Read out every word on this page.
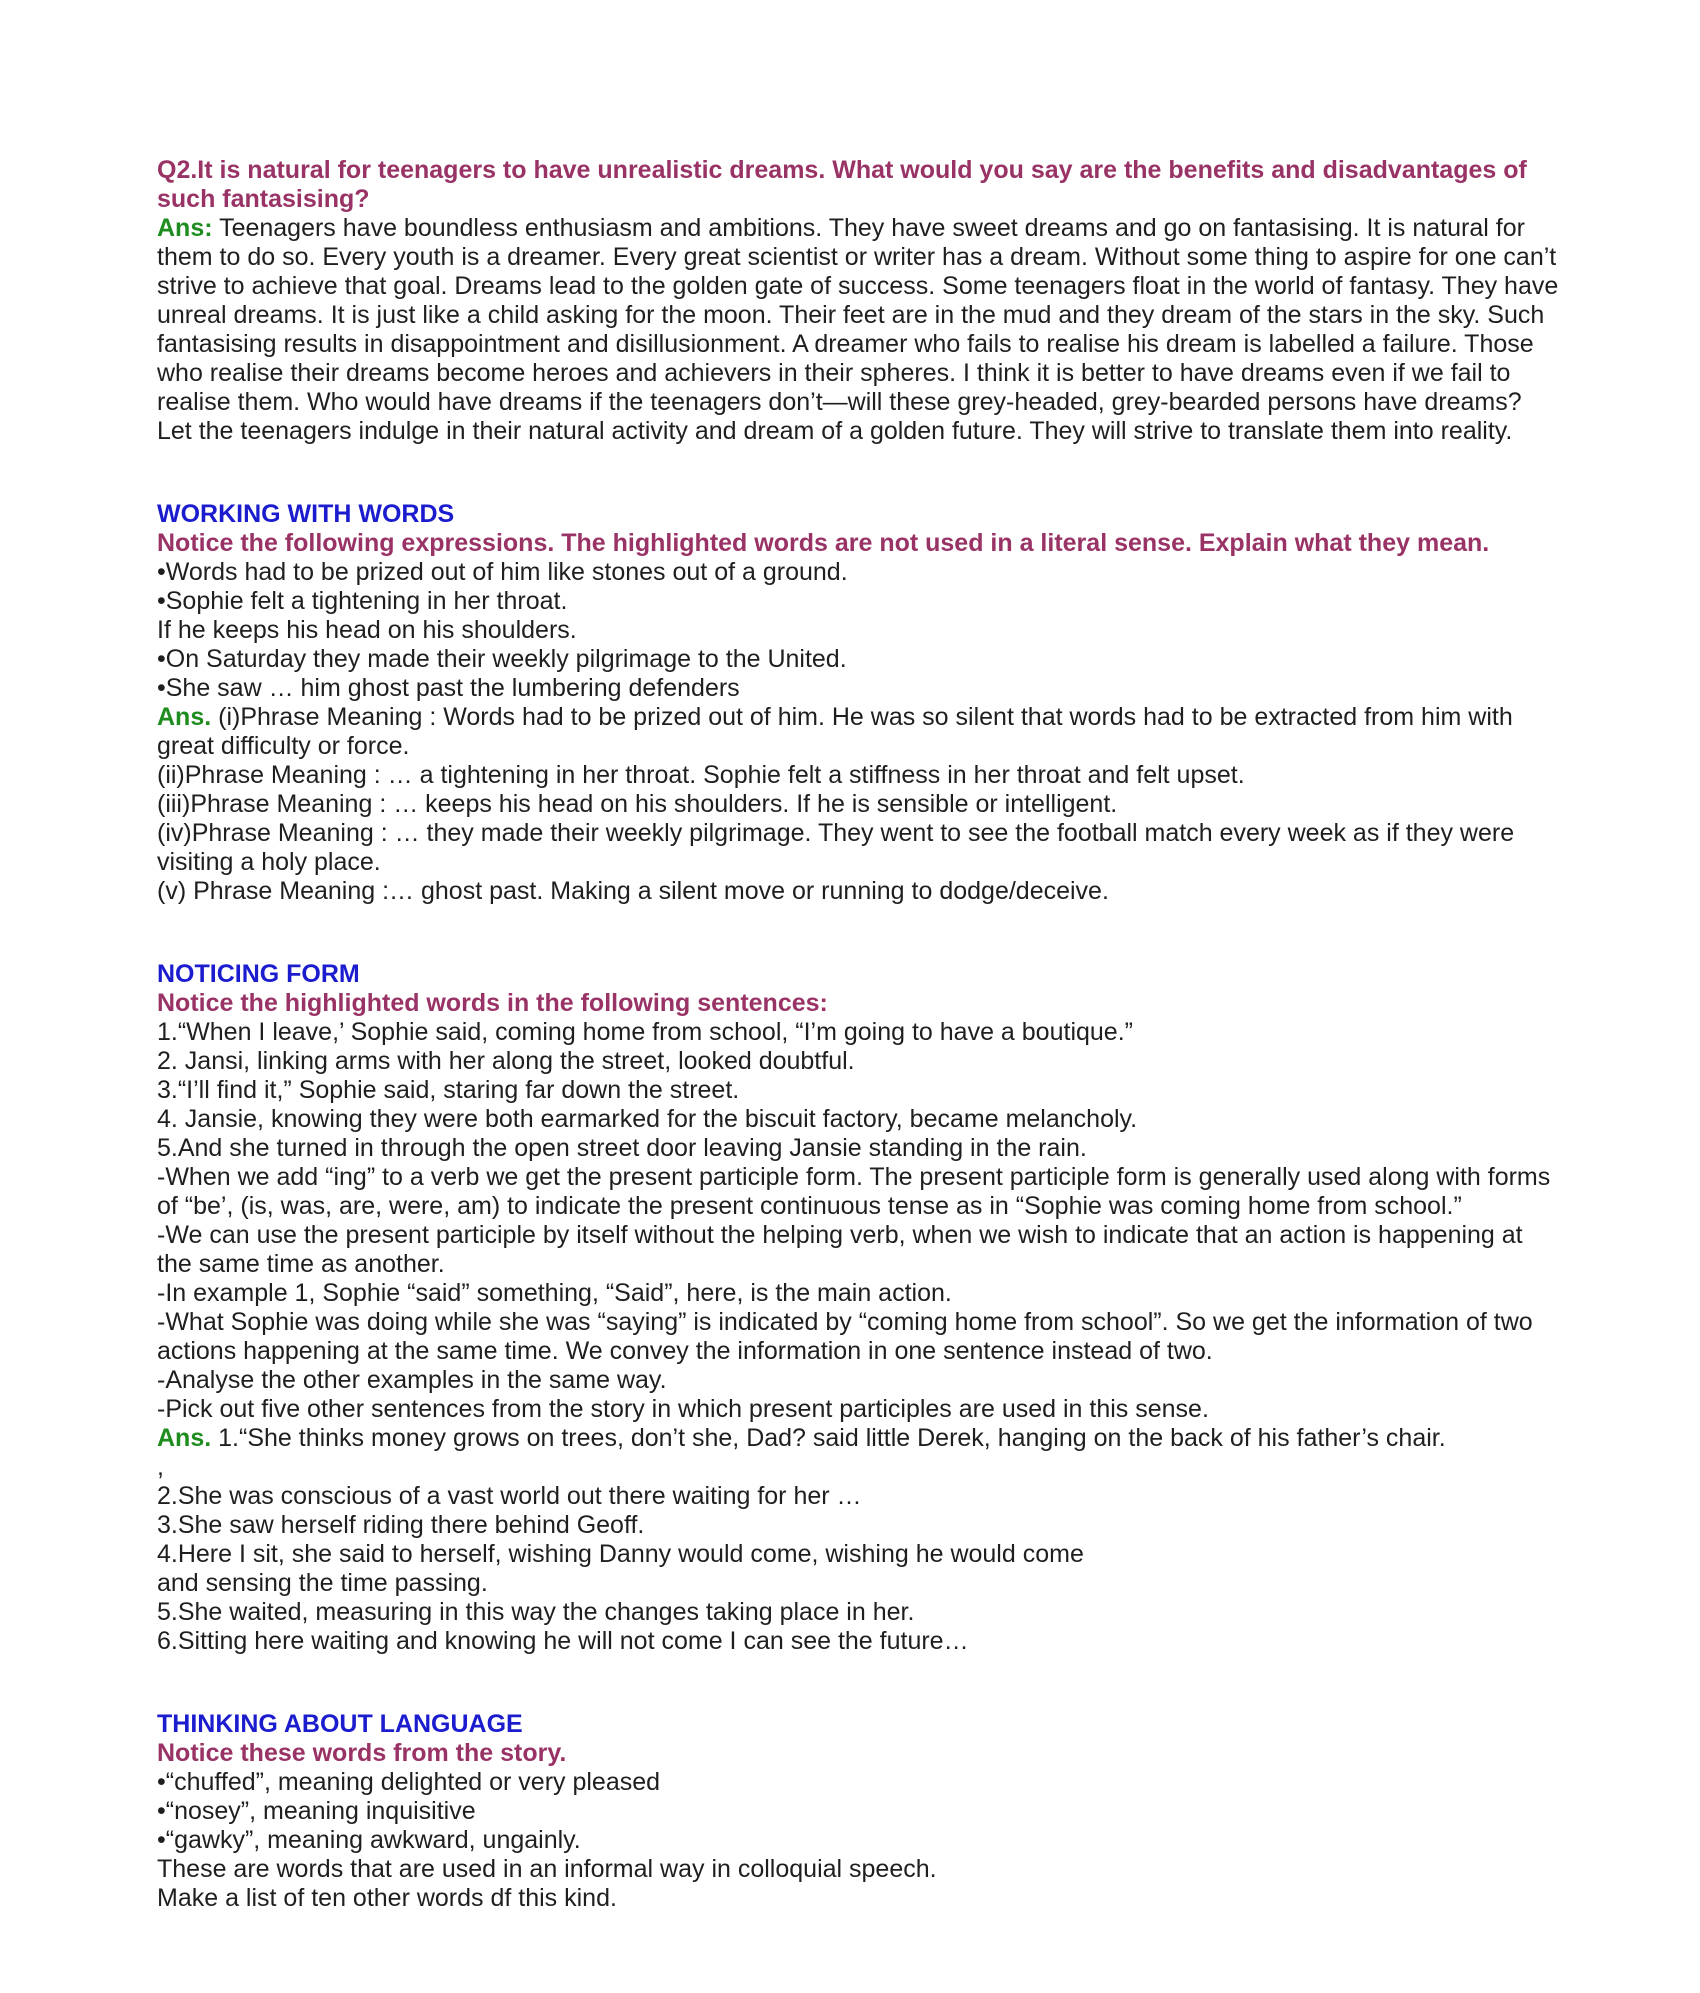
Q2.It is natural for teenagers to have unrealistic dreams. What would you say are the benefits and disadvantages of such fantasising?

Ans: Teenagers have boundless enthusiasm and ambitions. They have sweet dreams and go on fantasising. It is natural for them to do so. Every youth is a dreamer. Every great scientist or writer has a dream. Without some thing to aspire for one can’t strive to achieve that goal. Dreams lead to the golden gate of success. Some teenagers float in the world of fantasy. They have unreal dreams. It is just like a child asking for the moon. Their feet are in the mud and they dream of the stars in the sky. Such fantasising results in disappointment and disillusionment. A dreamer who fails to realise his dream is labelled a failure. Those who realise their dreams become heroes and achievers in their spheres. I think it is better to have dreams even if we fail to realise them. Who would have dreams if the teenagers don’t—will these grey-headed, grey-bearded persons have dreams? Let the teenagers indulge in their natural activity and dream of a golden future. They will strive to translate them into reality.

WORKING WITH WORDS

Notice the following expressions. The highlighted words are not used in a literal sense. Explain what they mean.

•Words had to be prized out of him like stones out of a ground.

•Sophie felt a tightening in her throat.

If he keeps his head on his shoulders.

•On Saturday they made their weekly pilgrimage to the United.

•She saw … him ghost past the lumbering defenders

Ans. (i)Phrase Meaning : Words had to be prized out of him. He was so silent that words had to be extracted from him with great difficulty or force.

(ii)Phrase Meaning : … a tightening in her throat. Sophie felt a stiffness in her throat and felt upset.

(iii)Phrase Meaning : … keeps his head on his shoulders. If he is sensible or intelligent.

(iv)Phrase Meaning : … they made their weekly pilgrimage. They went to see the football match every week as if they were visiting a holy place.

(v) Phrase Meaning :… ghost past. Making a silent move or running to dodge/deceive.

NOTICING FORM

Notice the highlighted words in the following sentences:

1.“When I leave,’ Sophie said, coming home from school, “I’m going to have a boutique.”

2. Jansi, linking arms with her along the street, looked doubtful.

3.“I’ll find it,” Sophie said, staring far down the street.

4. Jansie, knowing they were both earmarked for the biscuit factory, became melancholy.

5.And she turned in through the open street door leaving Jansie standing in the rain.

-When we add “ing” to a verb we get the present participle form. The present participle form is generally used along with forms of “be’, (is, was, are, were, am) to indicate the present continuous tense as in “Sophie was coming home from school.”

-We can use the present participle by itself without the helping verb, when we wish to indicate that an action is happening at the same time as another.

-In example 1, Sophie “said” something, “Said”, here, is the main action.

-What Sophie was doing while she was “saying” is indicated by “coming home from school”. So we get the information of two actions happening at the same time. We convey the information in one sentence instead of two.

-Analyse the other examples in the same way.

-Pick out five other sentences from the story in which present participles are used in this sense.

Ans. 1.“She thinks money grows on trees, don’t she, Dad? said little Derek, hanging on the back of his father’s chair.

,

2.She was conscious of a vast world out there waiting for her …

3.She saw herself riding there behind Geoff.

4.Here I sit, she said to herself, wishing Danny would come, wishing he would come

and sensing the time passing.

5.She waited, measuring in this way the changes taking place in her.

6.Sitting here waiting and knowing he will not come I can see the future…

THINKING ABOUT LANGUAGE

Notice these words from the story.

•“chuffed”, meaning delighted or very pleased

•“nosey”, meaning inquisitive

•“gawky”, meaning awkward, ungainly.

These are words that are used in an informal way in colloquial speech.

Make a list of ten other words df this kind.
